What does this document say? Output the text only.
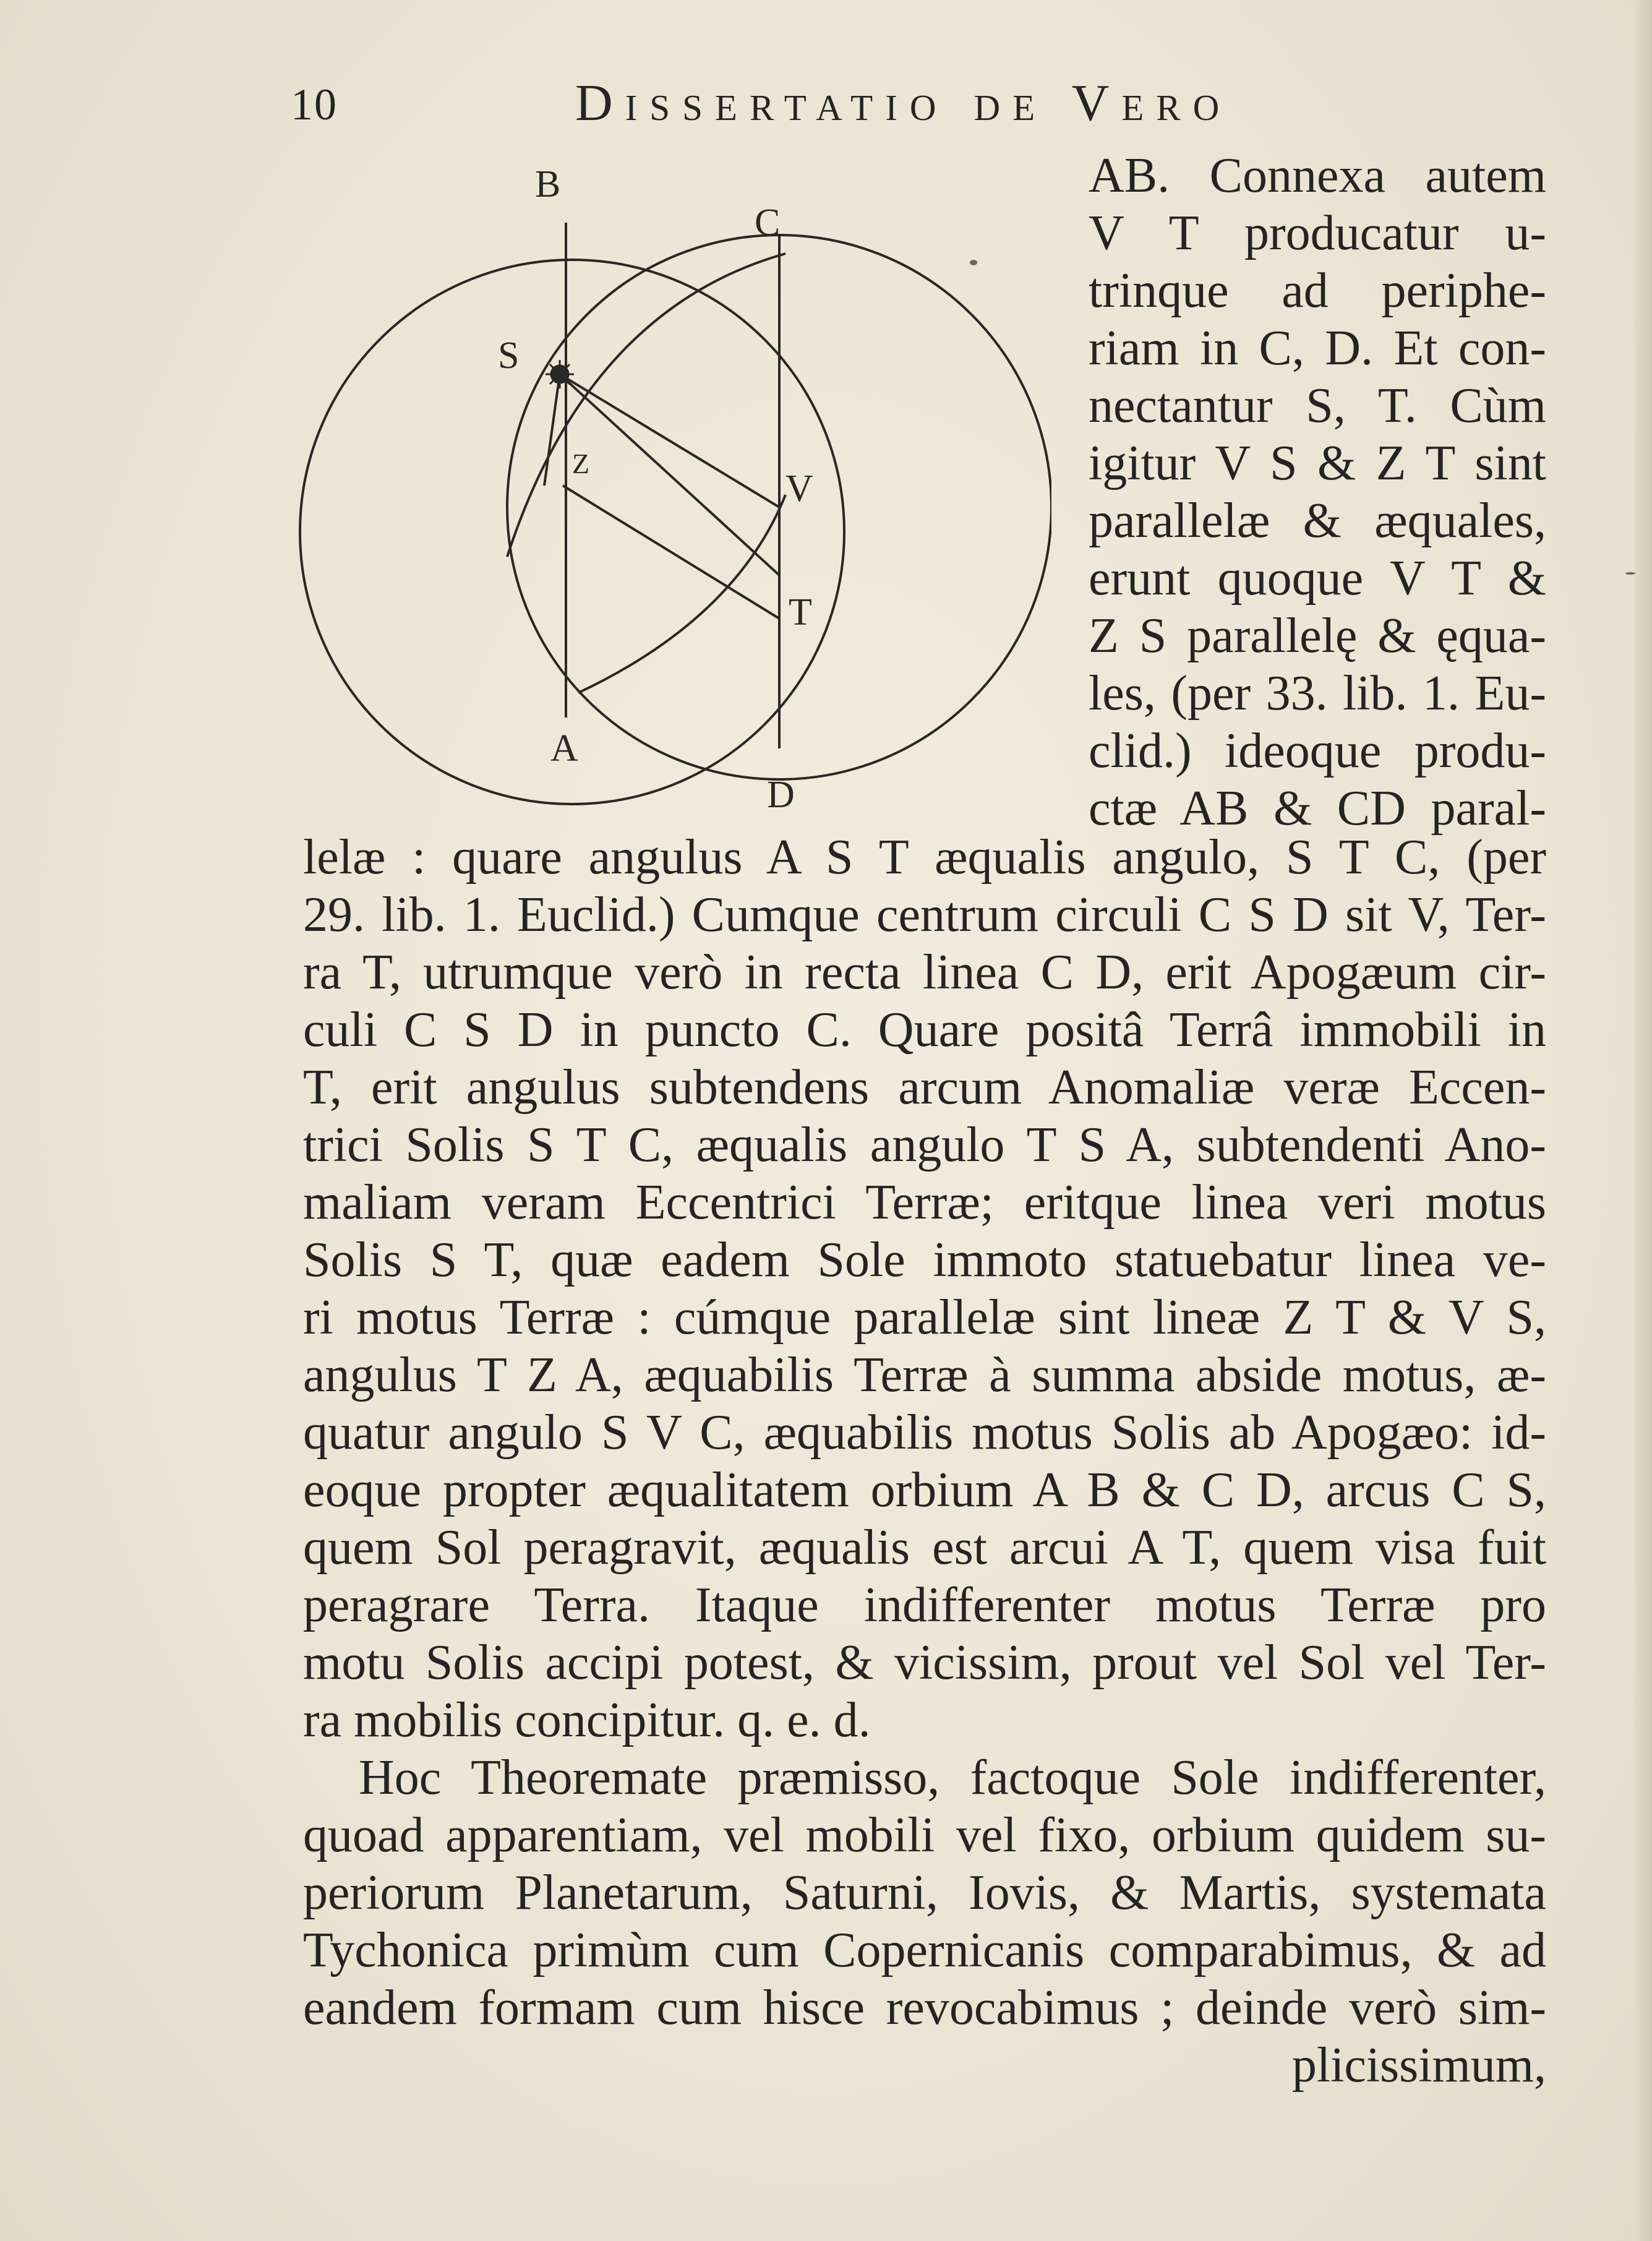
10	Dissertatio de Vero
B
C
S
Z
V
T
A
D
AB. Connexa autem
V T producatur u-
trinque ad periphe-
riam in C, D. Et con-
nectantur S, T. Cùm
igitur V S & Z T sint
parallelæ & æquales,
erunt quoque V T &
Z S parallelę & ęqua-
les, (per 33. lib. 1. Eu-
clid.) ideoque produ-
ctæ AB & CD paral-
lelæ : quare angulus A S T æqualis angulo, S T C, (per
29. lib. 1. Euclid.) Cumque centrum circuli C S D sit V, Ter-
ra T, utrumque verò in recta linea C D, erit Apogæum cir-
culi C S D in puncto C. Quare positâ Terrâ immobili in
T, erit angulus subtendens arcum Anomaliæ veræ Eccen-
trici Solis S T C, æqualis angulo T S A, subtendenti Ano-
maliam veram Eccentrici Terræ; eritque linea veri motus
Solis S T, quæ eadem Sole immoto statuebatur linea ve-
ri motus Terræ : cúmque parallelæ sint lineæ Z T & V S,
angulus T Z A, æquabilis Terræ à summa abside motus, æ-
quatur angulo S V C, æquabilis motus Solis ab Apogæo: id-
eoque propter æqualitatem orbium A B & C D, arcus C S,
quem Sol peragravit, æqualis est arcui A T, quem visa fuit
peragrare Terra. Itaque indifferenter motus Terræ pro
motu Solis accipi potest, & vicissim, prout vel Sol vel Ter-
ra mobilis concipitur. q. e. d.
Hoc Theoremate præmisso, factoque Sole indifferenter,
quoad apparentiam, vel mobili vel fixo, orbium quidem su-
periorum Planetarum, Saturni, Iovis, & Martis, systemata
Tychonica primùm cum Copernicanis comparabimus, & ad
eandem formam cum hisce revocabimus ; deinde verò sim-
plicissimum,
